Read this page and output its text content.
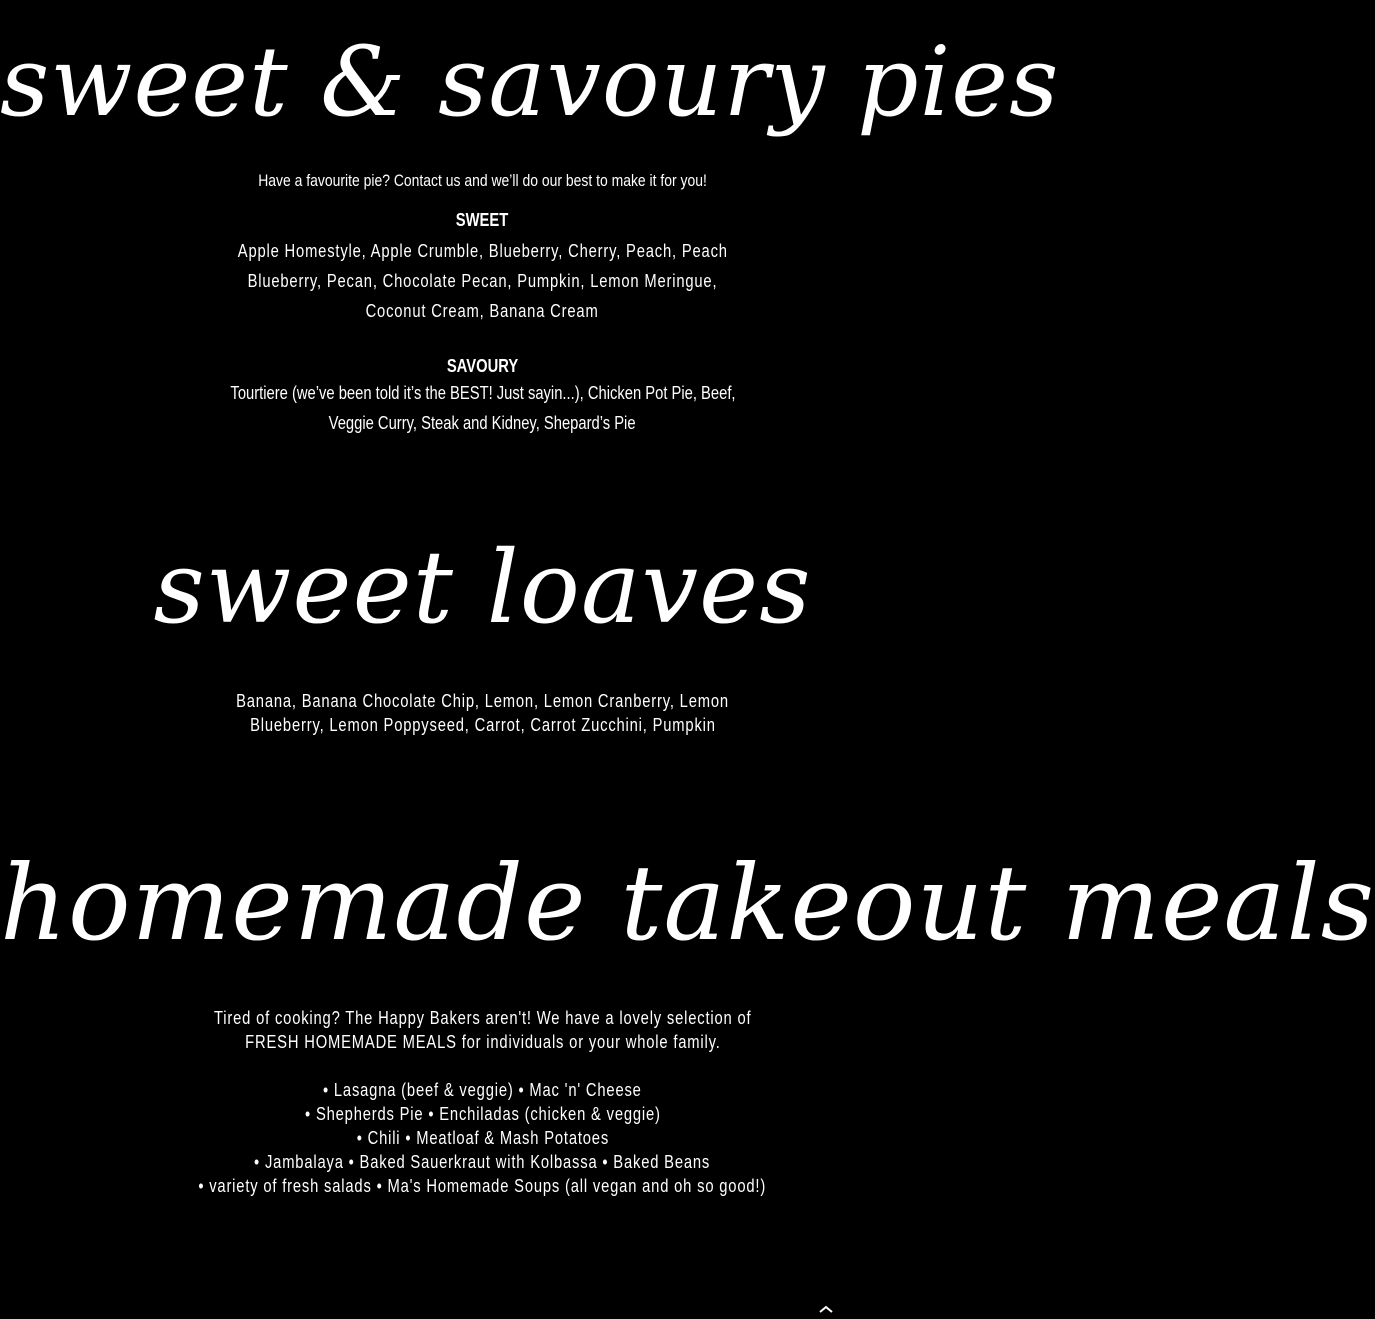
sweet & savoury pies
Have a favourite pie? Contact us and we’ll do our best to make it for you!
SWEET
Apple Homestyle, Apple Crumble, Blueberry, Cherry, Peach, Peach
Blueberry, Pecan, Chocolate Pecan, Pumpkin, Lemon Meringue,
Coconut Cream, Banana Cream
SAVOURY
Tourtiere (we’ve been told it’s the BEST! Just sayin...), Chicken Pot Pie, Beef,
Veggie Curry, Steak and Kidney, Shepard’s Pie
sweet loaves
Banana, Banana Chocolate Chip, Lemon, Lemon Cranberry, Lemon
Blueberry, Lemon Poppyseed, Carrot, Carrot Zucchini, Pumpkin
homemade takeout meals
Tired of cooking? The Happy Bakers aren't! We have a lovely selection of
FRESH HOMEMADE MEALS for individuals or your whole family.
• Lasagna (beef & veggie) • Mac 'n' Cheese
• Shepherds Pie • Enchiladas (chicken & veggie)
• Chili • Meatloaf & Mash Potatoes
• Jambalaya • Baked Sauerkraut with Kolbassa • Baked Beans
• variety of fresh salads • Ma's Homemade Soups (all vegan and oh so good!)
